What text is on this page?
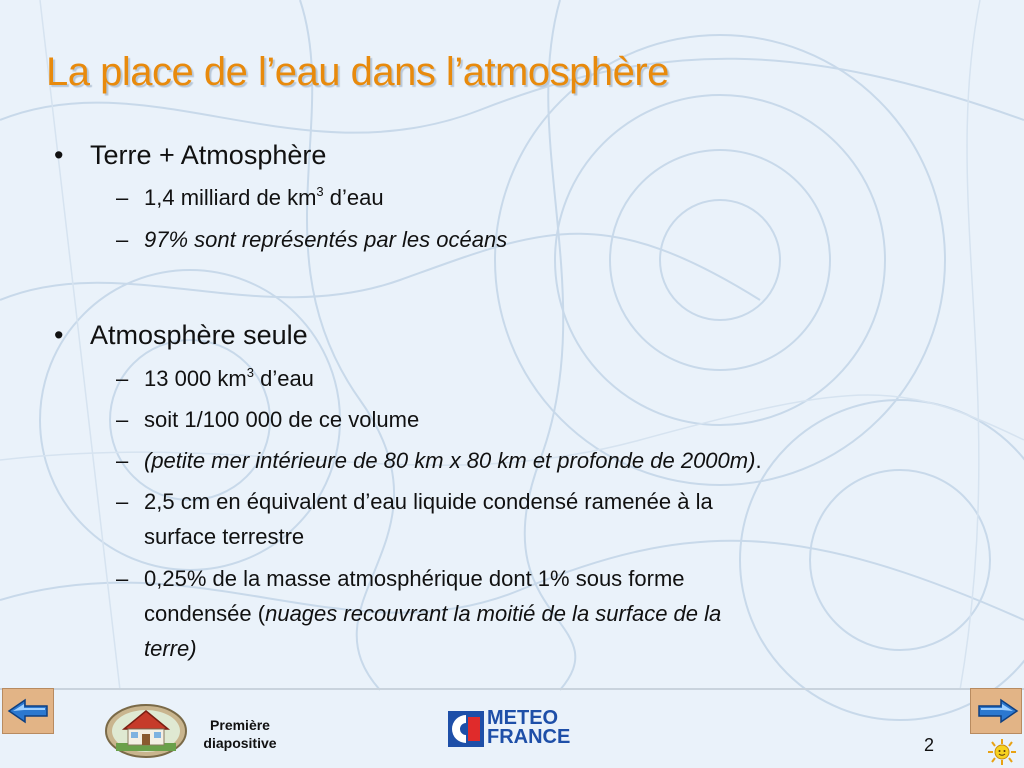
La place de l’eau dans l’atmosphère
• Terre + Atmosphère
– 1,4 milliard de $km^3$ d’eau
– 97% sont représentés par les océans
• Atmosphère seule
– 13 000 $km^3$ d’eau
– soit 1/100 000 de ce volume
– (petite mer intérieure de 80 km x 80 km et profonde de 2000m).
– 2,5 cm en équivalent d’eau liquide condensé ramenée à la
surface terrestre
– 0,25% de la masse atmosphérique dont 1% sous forme
condensée (nuages recouvrant la moitié de la surface de la
terre)
Première
diapositive
METEO
FRANCE	2
